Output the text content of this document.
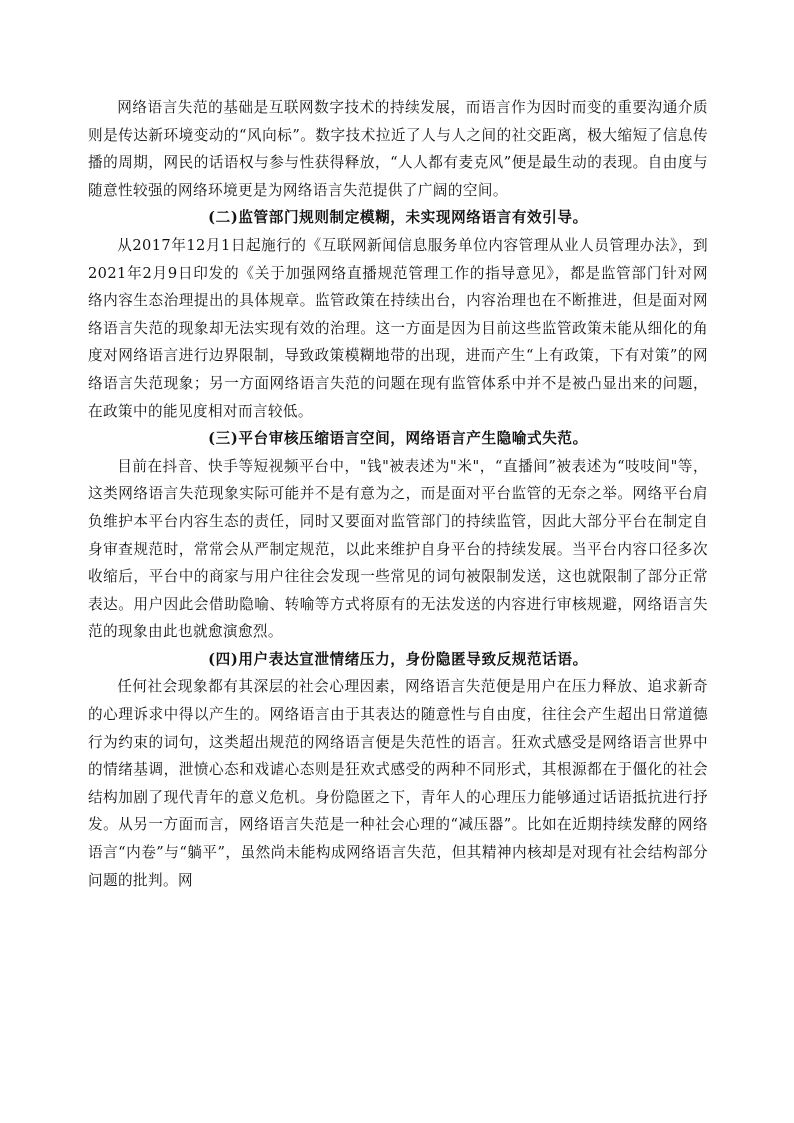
网络语言失范的基础是互联网数字技术的持续发展，而语言作为因时而变的重要沟通介质则是传达新环境变动的“风向标”。数字技术拉近了人与人之间的社交距离，极大缩短了信息传播的周期，网民的话语权与参与性获得释放，“人人都有麦克风”便是最生动的表现。自由度与随意性较强的网络环境更是为网络语言失范提供了广阔的空间。

(二)监管部门规则制定模糊，未实现网络语言有效引导。

从2017年12月1日起施行的《互联网新闻信息服务单位内容管理从业人员管理办法》，到2021年2月9日印发的《关于加强网络直播规范管理工作的指导意见》，都是监管部门针对网络内容生态治理提出的具体规章。监管政策在持续出台，内容治理也在不断推进，但是面对网络语言失范的现象却无法实现有效的治理。这一方面是因为目前这些监管政策未能从细化的角度对网络语言进行边界限制，导致政策模糊地带的出现，进而产生“上有政策，下有对策”的网络语言失范现象；另一方面网络语言失范的问题在现有监管体系中并不是被凸显出来的问题，在政策中的能见度相对而言较低。

(三)平台审核压缩语言空间，网络语言产生隐喻式失范。

目前在抖音、快手等短视频平台中，"钱"被表述为"米"，“直播间”被表述为“吱吱间"等，这类网络语言失范现象实际可能并不是有意为之，而是面对平台监管的无奈之举。网络平台肩负维护本平台内容生态的责任，同时又要面对监管部门的持续监管，因此大部分平台在制定自身审查规范时，常常会从严制定规范，以此来维护自身平台的持续发展。当平台内容口径多次收缩后，平台中的商家与用户往往会发现一些常见的词句被限制发送，这也就限制了部分正常表达。用户因此会借助隐喻、转喻等方式将原有的无法发送的内容进行审核规避，网络语言失范的现象由此也就愈演愈烈。

(四)用户表达宣泄情绪压力，身份隐匿导致反规范话语。

任何社会现象都有其深层的社会心理因素，网络语言失范便是用户在压力释放、追求新奇的心理诉求中得以产生的。网络语言由于其表达的随意性与自由度，往往会产生超出日常道德行为约束的词句，这类超出规范的网络语言便是失范性的语言。狂欢式感受是网络语言世界中的情绪基调，泄愤心态和戏谑心态则是狂欢式感受的两种不同形式，其根源都在于僵化的社会结构加剧了现代青年的意义危机。身份隐匿之下，青年人的心理压力能够通过话语抵抗进行抒发。从另一方面而言，网络语言失范是一种社会心理的“减压器”。比如在近期持续发酵的网络语言“内卷”与“躺平”，虽然尚未能构成网络语言失范，但其精神内核却是对现有社会结构部分问题的批判。网
